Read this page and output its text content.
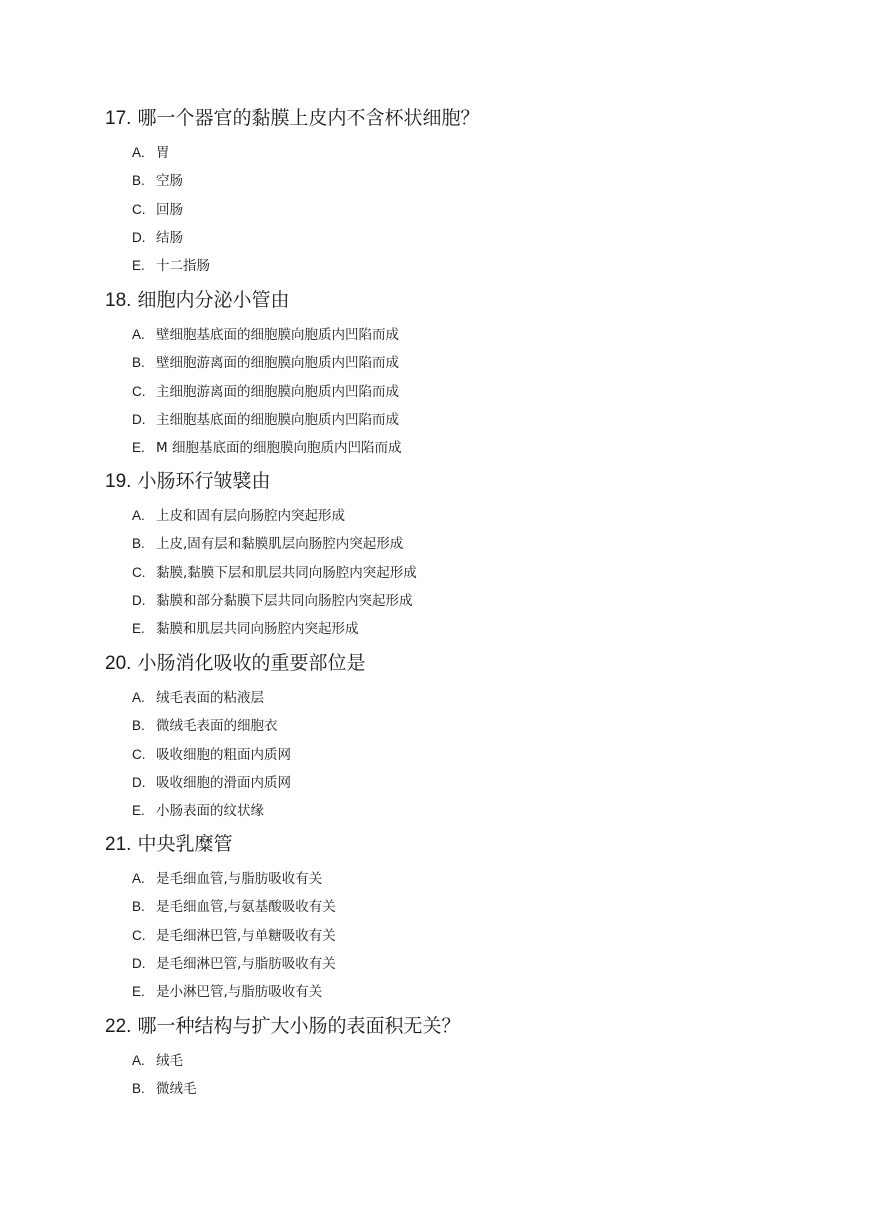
17. 哪一个器官的黏膜上皮内不含杯状细胞？
A. 胃
B. 空肠
C. 回肠
D. 结肠
E. 十二指肠
18. 细胞内分泌小管由
A. 壁细胞基底面的细胞膜向胞质内凹陷而成
B. 壁细胞游离面的细胞膜向胞质内凹陷而成
C. 主细胞游离面的细胞膜向胞质内凹陷而成
D. 主细胞基底面的细胞膜向胞质内凹陷而成
E. M 细胞基底面的细胞膜向胞质内凹陷而成
19. 小肠环行皱襞由
A. 上皮和固有层向肠腔内突起形成
B. 上皮,固有层和黏膜肌层向肠腔内突起形成
C. 黏膜,黏膜下层和肌层共同向肠腔内突起形成
D. 黏膜和部分黏膜下层共同向肠腔内突起形成
E. 黏膜和肌层共同向肠腔内突起形成
20. 小肠消化吸收的重要部位是
A. 绒毛表面的粘液层
B. 微绒毛表面的细胞衣
C. 吸收细胞的粗面内质网
D. 吸收细胞的滑面内质网
E. 小肠表面的纹状缘
21. 中央乳糜管
A. 是毛细血管,与脂肪吸收有关
B. 是毛细血管,与氨基酸吸收有关
C. 是毛细淋巴管,与单糖吸收有关
D. 是毛细淋巴管,与脂肪吸收有关
E. 是小淋巴管,与脂肪吸收有关
22. 哪一种结构与扩大小肠的表面积无关？
A. 绒毛
B. 微绒毛
